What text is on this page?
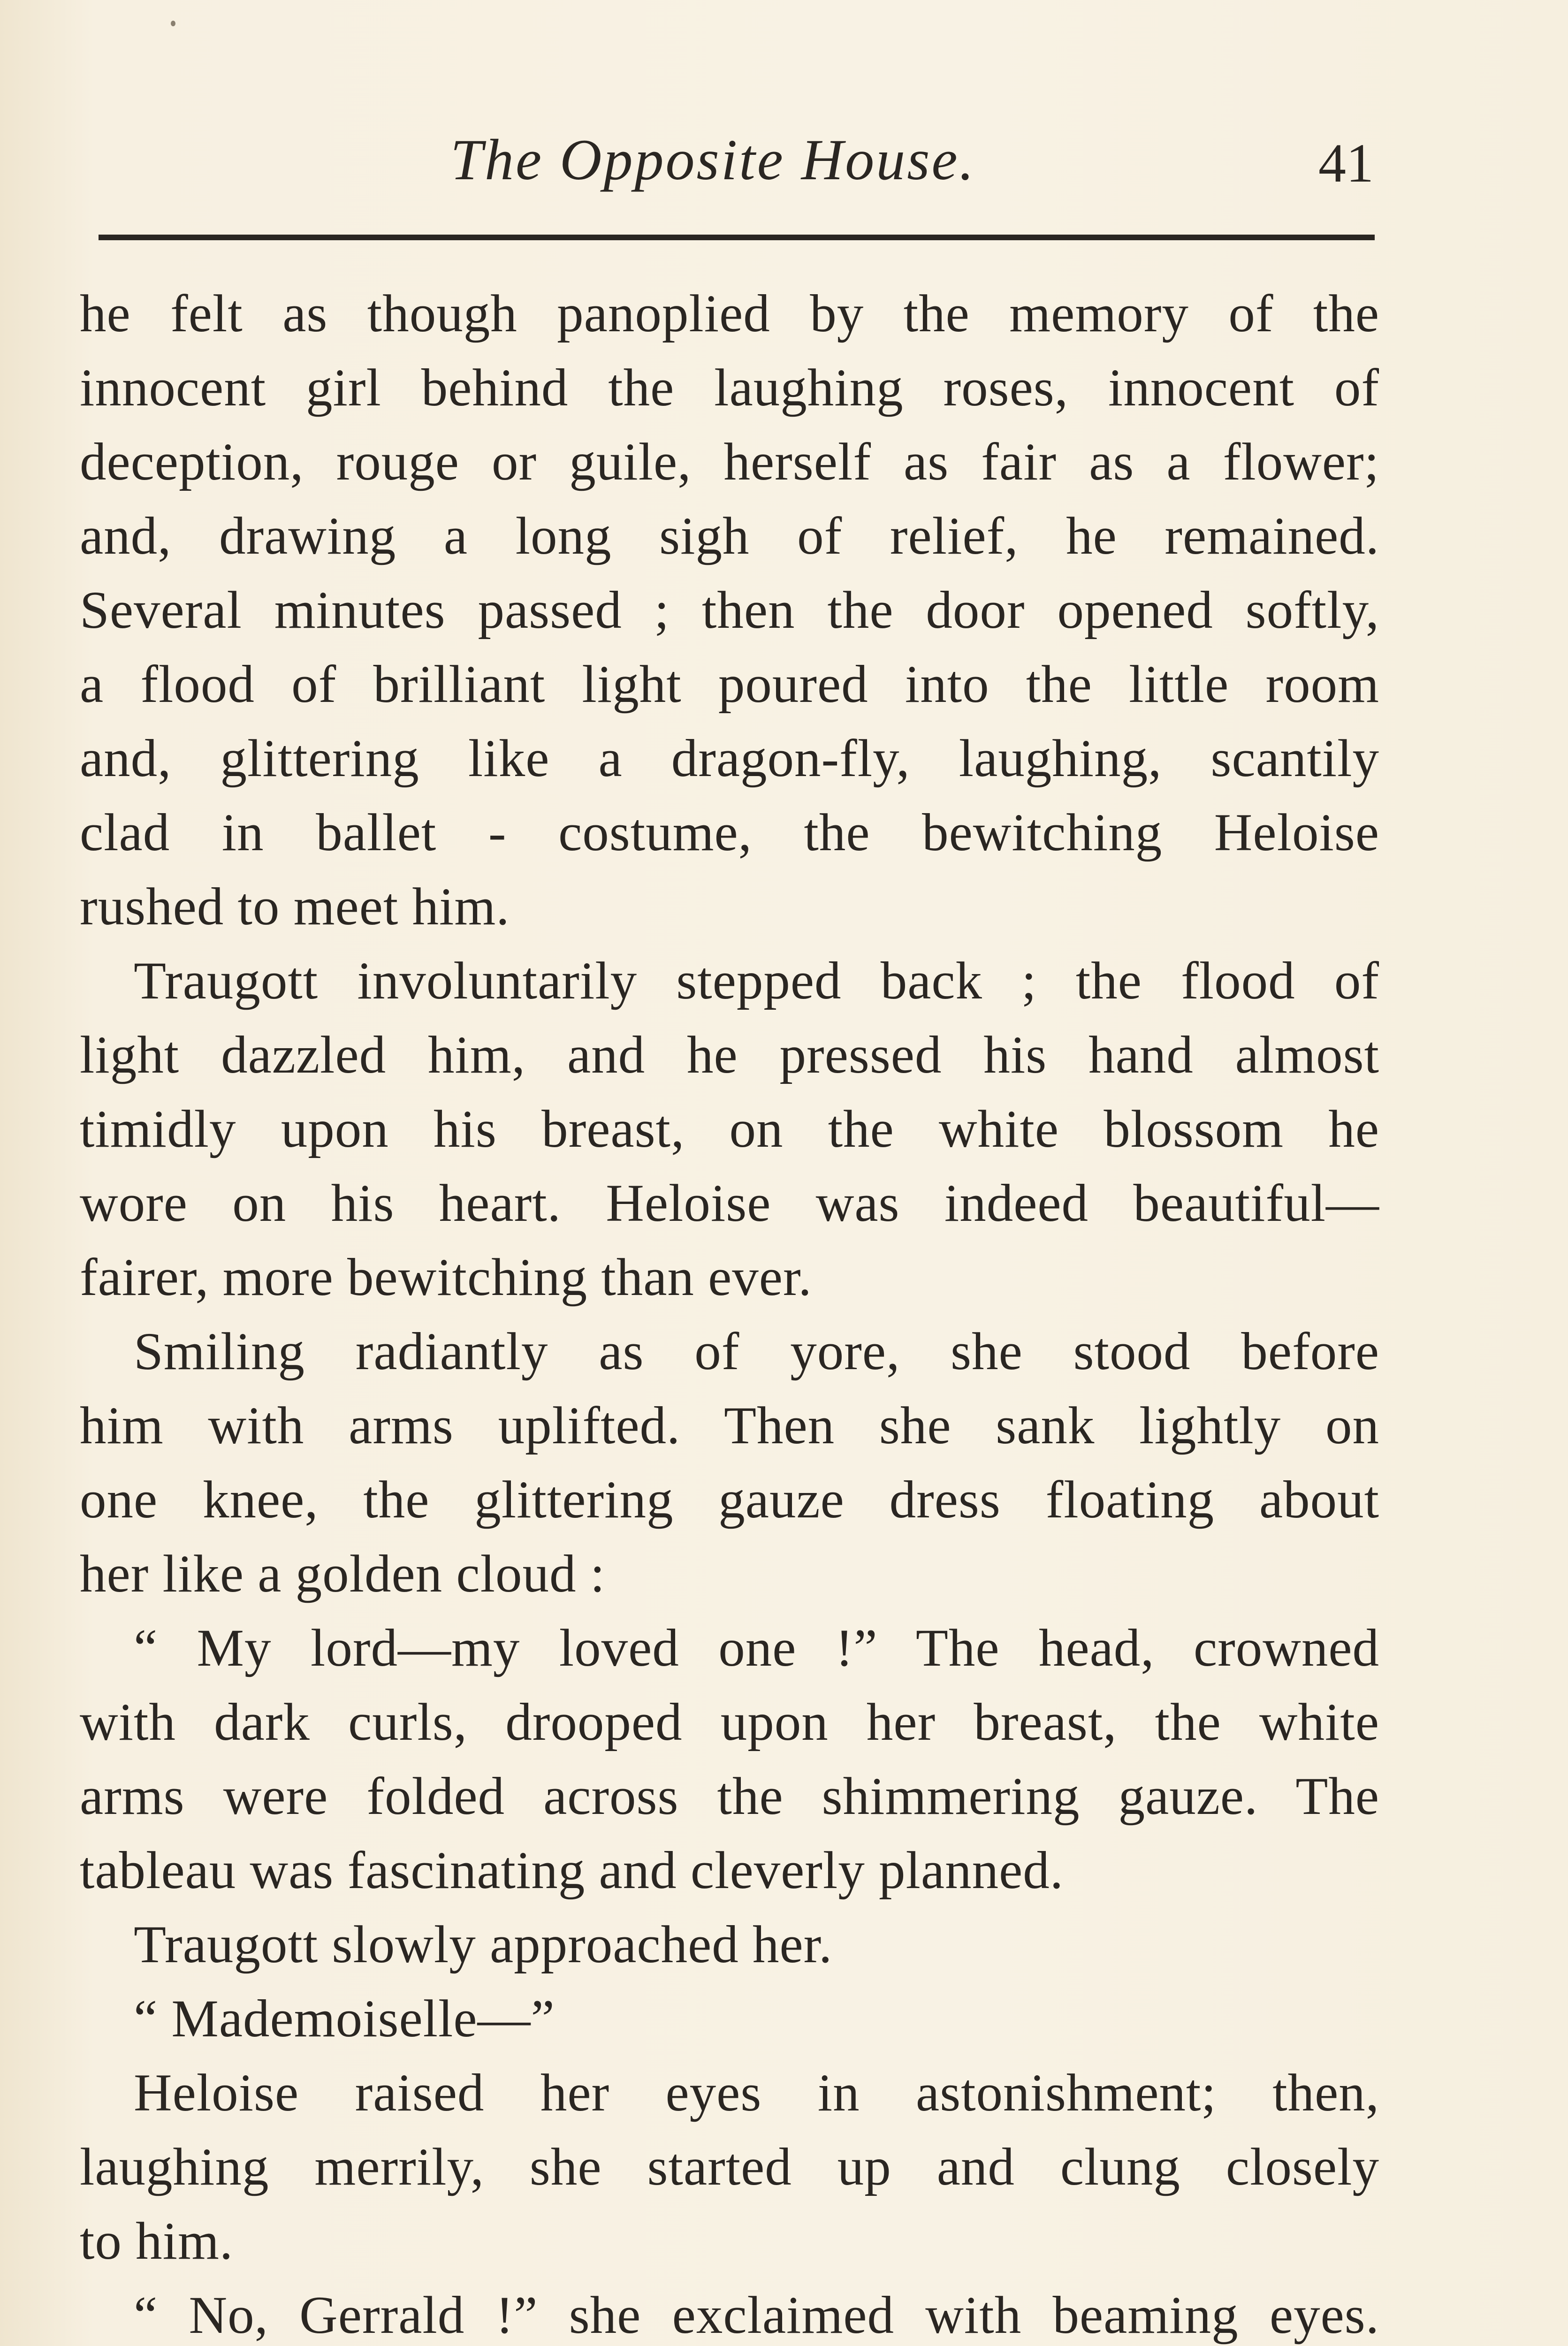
The Opposite House.	41
he felt as though panoplied by the memory of the
innocent girl behind the laughing roses, innocent of
deception, rouge or guile, herself as fair as a flower;
and, drawing a long sigh of relief, he remained.
Several minutes passed ; then the door opened softly,
a flood of brilliant light poured into the little room
and, glittering like a dragon-fly, laughing, scantily
clad in ballet - costume, the bewitching Heloise
rushed to meet him.
Traugott involuntarily stepped back ; the flood of
light dazzled him, and he pressed his hand almost
timidly upon his breast, on the white blossom he
wore on his heart. Heloise was indeed beautiful—
fairer, more bewitching than ever.
Smiling radiantly as of yore, she stood before
him with arms uplifted. Then she sank lightly on
one knee, the glittering gauze dress floating about
her like a golden cloud :
“ My lord—my loved one !” The head, crowned
with dark curls, drooped upon her breast, the white
arms were folded across the shimmering gauze. The
tableau was fascinating and cleverly planned.
Traugott slowly approached her.
“ Mademoiselle—”
Heloise raised her eyes in astonishment; then,
laughing merrily, she started up and clung closely
to him.
“ No, Gerrald !” she exclaimed with beaming eyes.
